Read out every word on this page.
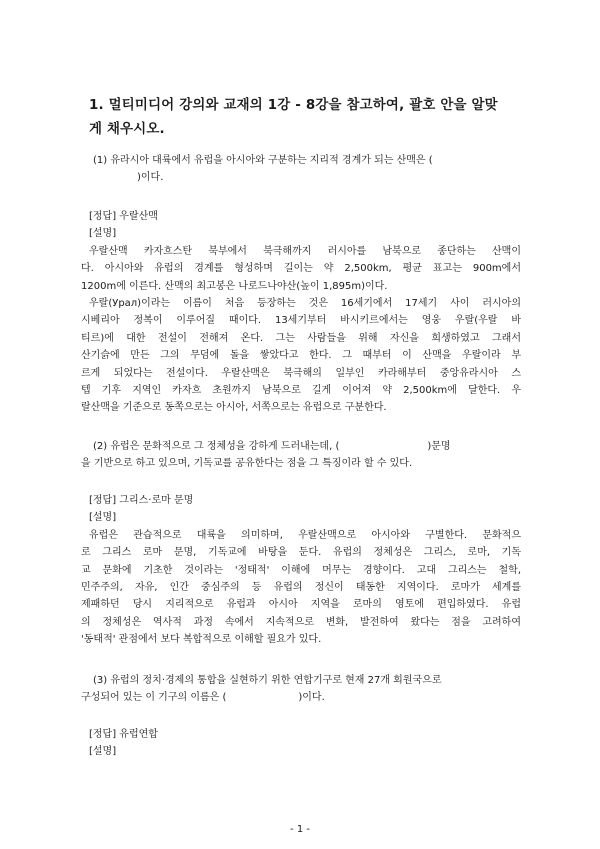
1. 멀티미디어 강의와 교재의 1강 - 8강을 참고하여, 괄호 안을 알맞
게 채우시오.
(1) 유라시아 대륙에서 유럽을 아시아와 구분하는 지리적 경계가 되는 산맥은 (
)이다.
[정답] 우랄산맥
[설명]
우랄산맥 카자흐스탄 북부에서 북극해까지 러시아를 남북으로 종단하는 산맥이
다. 아시아와 유럽의 경계를 형성하며 길이는 약 2,500km, 평균 표고는 900m에서
1200m에 이른다. 산맥의 최고봉은 나로드나야산(높이 1,895m)이다.
우랄(Урал)이라는 이름이 처음 등장하는 것은 16세기에서 17세기 사이 러시아의
시베리아 정복이 이루어질 때이다. 13세기부터 바시키르에서는 영웅 우랄(우랄 바
티르)에 대한 전설이 전해져 온다. 그는 사람들을 위해 자신을 희생하였고 그래서
산기슭에 만든 그의 무덤에 돌을 쌓았다고 한다. 그 때부터 이 산맥을 우랄이라 부
르게 되었다는 전설이다. 우랄산맥은 북극해의 일부인 카라해부터 중앙유라시아 스
텝 기후 지역인 카자흐 초원까지 남북으로 길게 이어져 약 2,500km에 달한다. 우
랄산맥을 기준으로 동쪽으로는 아시아, 서쪽으로는 유럽으로 구분한다.
(2) 유럽은 문화적으로 그 정체성을 강하게 드러내는데, (	)문명
을 기반으로 하고 있으며, 기독교를 공유한다는 점을 그 특징이라 할 수 있다.
[정답] 그리스·로마 문명
[설명]
유럽은 관습적으로 대륙을 의미하며, 우랄산맥으로 아시아와 구별한다. 문화적으
로 그리스 로마 문명, 기독교에 바탕을 둔다. 유럽의 정체성은 그리스, 로마, 기독
교 문화에 기초한 것이라는 '정태적' 이해에 머무는 경향이다. 고대 그리스는 철학,
민주주의, 자유, 인간 중심주의 등 유럽의 정신이 태동한 지역이다. 로마가 세계를
제패하던 당시 지리적으로 유럽과 아시아 지역을 로마의 영토에 편입하였다. 유럽
의 정체성은 역사적 과정 속에서 지속적으로 변화, 발전하여 왔다는 점을 고려하여
'동태적' 관점에서 보다 복합적으로 이해할 필요가 있다.
(3) 유럽의 정치·경제의 통합을 실현하기 위한 연합기구로 현재 27개 회원국으로
구성되어 있는 이 기구의 이름은 (	)이다.
[정답] 유럽연합
[설명]

- 1 -
